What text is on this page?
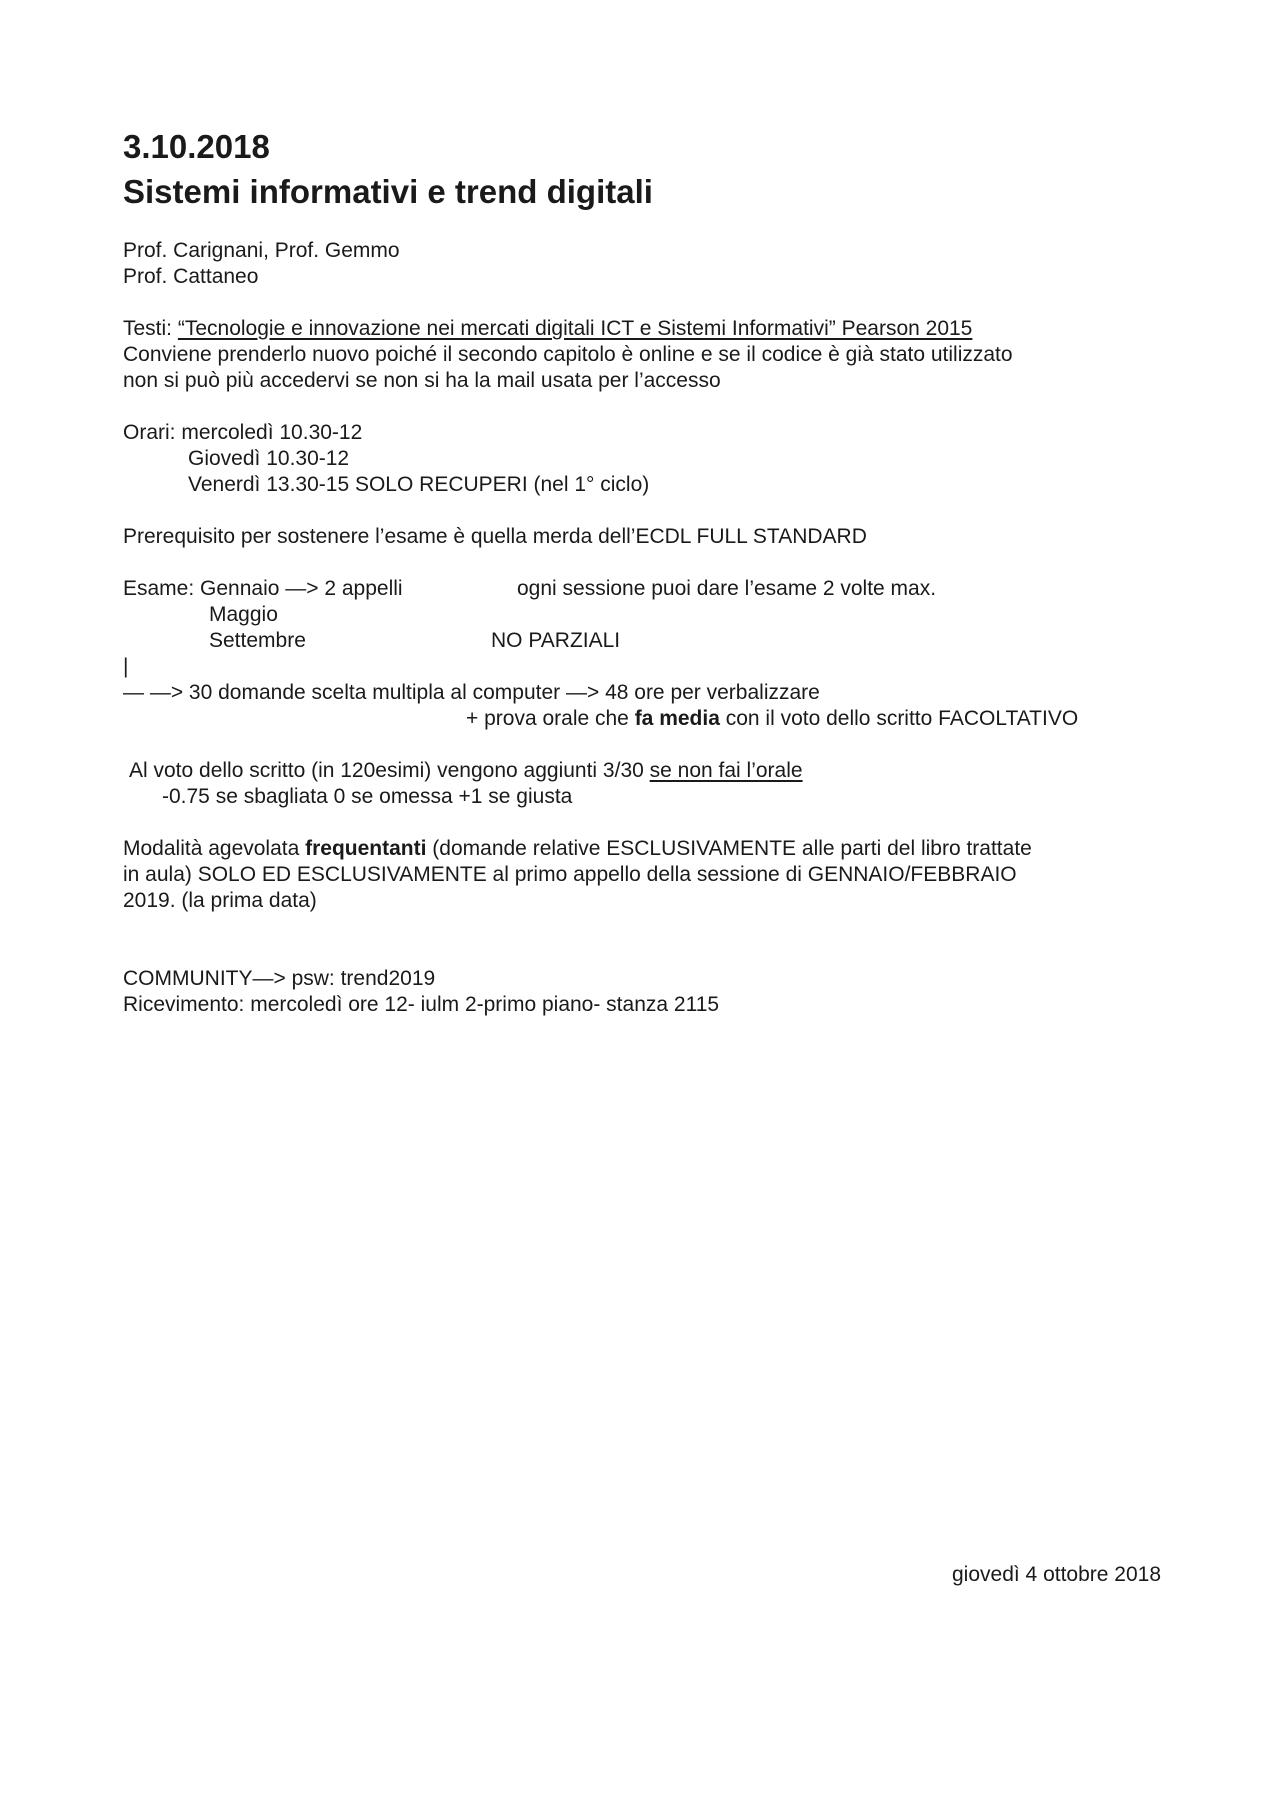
3.10.2018
Sistemi informativi e trend digitali
Prof. Carignani, Prof. Gemmo
Prof. Cattaneo
Testi: “Tecnologie e innovazione nei mercati digitali ICT e Sistemi Informativi” Pearson 2015
Conviene prenderlo nuovo poiché il secondo capitolo è online e se il codice è già stato utilizzato
non si può più accedervi se non si ha la mail usata per l’accesso
Orari: mercoledì 10.30-12
Giovedì 10.30-12
Venerdì 13.30-15 SOLO RECUPERI (nel 1° ciclo)
Prerequisito per sostenere l’esame è quella merda dell’ECDL FULL STANDARD
Esame: Gennaio —> 2 appelli	ogni sessione puoi dare l’esame 2 volte max.
Maggio
Settembre	NO PARZIALI
|
— —> 30 domande scelta multipla al computer —> 48 ore per verbalizzare
+ prova orale che fa media con il voto dello scritto FACOLTATIVO
Al voto dello scritto (in 120esimi) vengono aggiunti 3/30 se non fai l’orale
-0.75 se sbagliata 0 se omessa +1 se giusta
Modalità agevolata frequentanti (domande relative ESCLUSIVAMENTE alle parti del libro trattate
in aula) SOLO ED ESCLUSIVAMENTE al primo appello della sessione di GENNAIO/FEBBRAIO
2019. (la prima data)
COMMUNITY—> psw: trend2019
Ricevimento: mercoledì ore 12- iulm 2-primo piano- stanza 2115
giovedì 4 ottobre 2018
